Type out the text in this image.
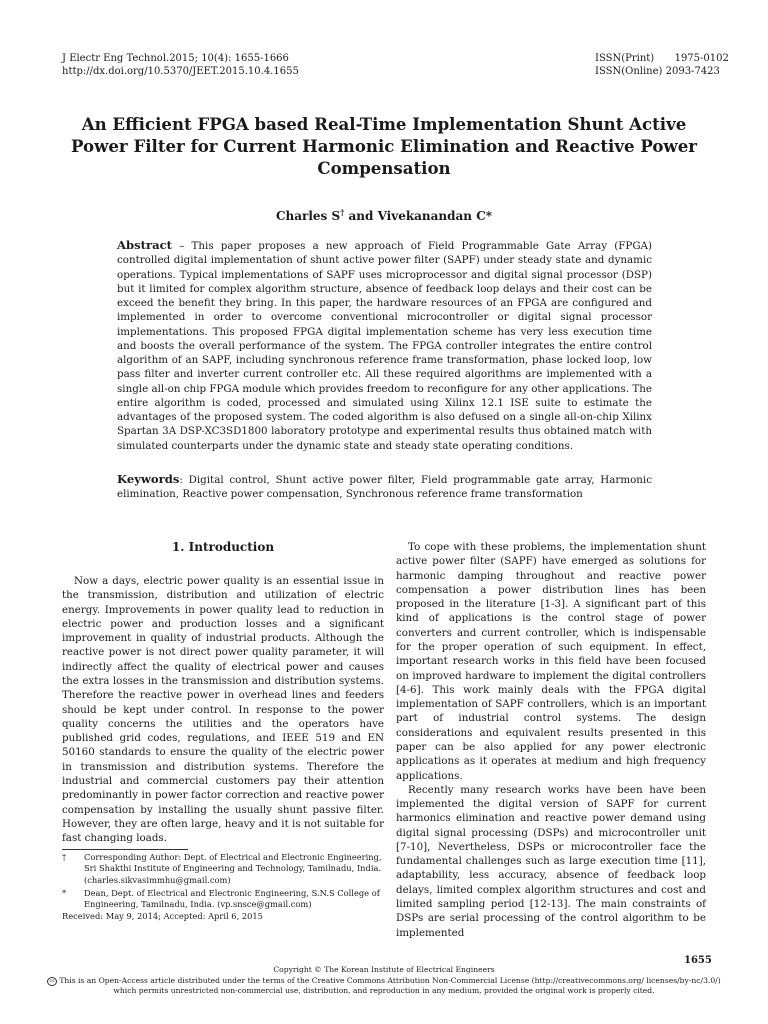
J Electr Eng Technol.2015; 10(4): 1655-1666
http://dx.doi.org/10.5370/JEET.2015.10.4.1655
ISSN(Print) 1975-0102
ISSN(Online) 2093-7423
An Efficient FPGA based Real-Time Implementation Shunt Active Power Filter for Current Harmonic Elimination and Reactive Power Compensation
Charles S† and Vivekanandan C*
Abstract – This paper proposes a new approach of Field Programmable Gate Array (FPGA) controlled digital implementation of shunt active power filter (SAPF) under steady state and dynamic operations. Typical implementations of SAPF uses microprocessor and digital signal processor (DSP) but it limited for complex algorithm structure, absence of feedback loop delays and their cost can be exceed the benefit they bring. In this paper, the hardware resources of an FPGA are configured and implemented in order to overcome conventional microcontroller or digital signal processor implementations. This proposed FPGA digital implementation scheme has very less execution time and boosts the overall performance of the system. The FPGA controller integrates the entire control algorithm of an SAPF, including synchronous reference frame transformation, phase locked loop, low pass filter and inverter current controller etc. All these required algorithms are implemented with a single all-on chip FPGA module which provides freedom to reconfigure for any other applications. The entire algorithm is coded, processed and simulated using Xilinx 12.1 ISE suite to estimate the advantages of the proposed system. The coded algorithm is also defused on a single all-on-chip Xilinx Spartan 3A DSP-XC3SD1800 laboratory prototype and experimental results thus obtained match with simulated counterparts under the dynamic state and steady state operating conditions.
Keywords: Digital control, Shunt active power filter, Field programmable gate array, Harmonic elimination, Reactive power compensation, Synchronous reference frame transformation
1. Introduction

Now a days, electric power quality is an essential issue in the transmission, distribution and utilization of electric energy. Improvements in power quality lead to reduction in electric power and production losses and a significant improvement in quality of industrial products. Although the reactive power is not direct power quality parameter, it will indirectly affect the quality of electrical power and causes the extra losses in the transmission and distribution systems. Therefore the reactive power in overhead lines and feeders should be kept under control. In response to the power quality concerns the utilities and the operators have published grid codes, regulations, and IEEE 519 and EN 50160 standards to ensure the quality of the electric power in transmission and distribution systems. Therefore the industrial and commercial customers pay their attention predominantly in power factor correction and reactive power compensation by installing the usually shunt passive filter. However, they are often large, heavy and it is not suitable for fast changing loads.

To cope with these problems, the implementation shunt active power filter (SAPF) have emerged as solutions for harmonic damping throughout and reactive power compensation a power distribution lines has been proposed in the literature [1-3]. A significant part of this kind of applications is the control stage of power converters and current controller, which is indispensable for the proper operation of such equipment. In effect, important research works in this field have been focused on improved hardware to implement the digital controllers [4-6]. This work mainly deals with the FPGA digital implementation of SAPF controllers, which is an important part of industrial control systems. The design considerations and equivalent results presented in this paper can be also applied for any power electronic applications as it operates at medium and high frequency applications.

Recently many research works have been have been implemented the digital version of SAPF for current harmonics elimination and reactive power demand using digital signal processing (DSPs) and microcontroller unit [7-10], Nevertheless, DSPs or microcontroller face the fundamental challenges such as large execution time [11], adaptability, less accuracy, absence of feedback loop delays, limited complex algorithm structures and cost and limited sampling period [12-13]. The main constraints of DSPs are serial processing of the control algorithm to be implemented

†	Corresponding Author: Dept. of Electrical and Electronic Engineering, Sri Shakthi Institute of Engineering and Technology, Tamilnadu, India. (charles.sikvasimmhu@gmail.com)
*	Dean, Dept. of Electrical and Electronic Engineering, S.N.S College of Engineering, Tamilnadu, India. (vp.snsce@gmail.com)
Received: May 9, 2014; Accepted: April 6, 2015
1655
Copyright © The Korean Institute of Electrical Engineers
cc This is an Open-Access article distributed under the terms of the Creative Commons Attribution Non-Commercial License (http://creativecommons.org/ licenses/by-nc/3.0/) which permits unrestricted non-commercial use, distribution, and reproduction in any medium, provided the original work is properly cited.
